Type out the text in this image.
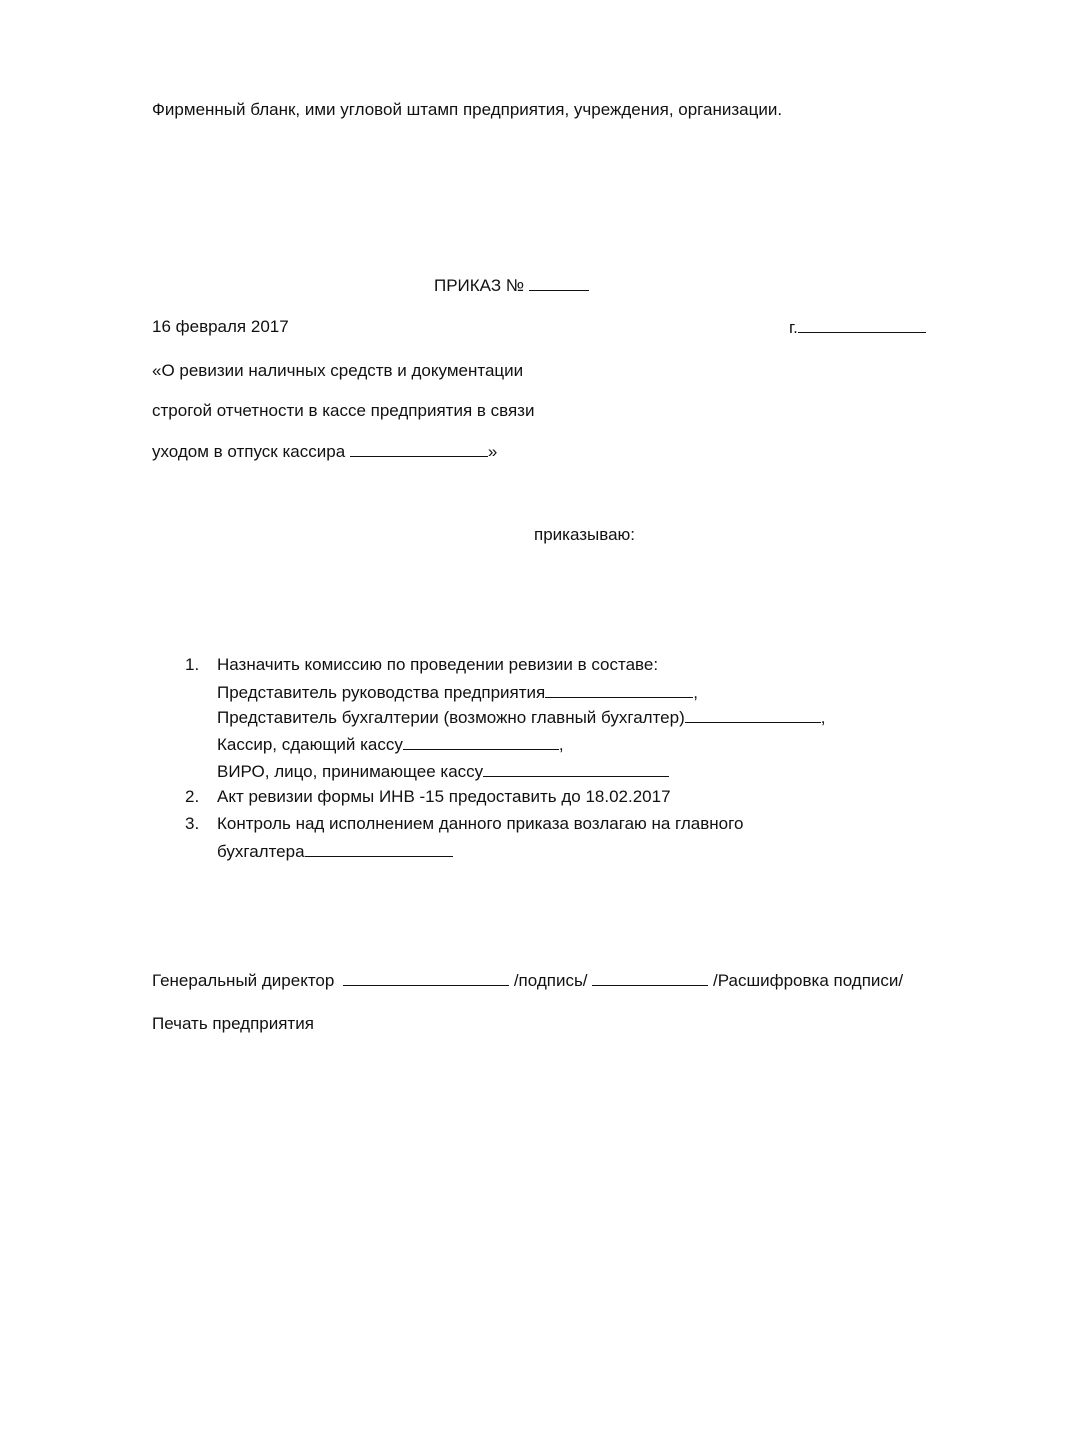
Фирменный бланк, ими угловой штамп предприятия, учреждения, организации.
ПРИКАЗ №
16 февраля 2017	г.
«О ревизии наличных средств и документации
строгой отчетности в кассе предприятия в связи
уходом в отпуск кассира	»
приказываю:
1. Назначить комиссию по проведении ревизии в составе:
Представитель руководства предприятия	,
Представитель бухгалтерии (возможно главный бухгалтер)	,
Кассир, сдающий кассу	,
ВИРО, лицо, принимающее кассу
2. Акт ревизии формы ИНВ -15 предоставить до 18.02.2017
3. Контроль над исполнением данного приказа возлагаю на главного
бухгалтера
Генеральный директор	/подпись/	/Расшифровка подписи/
Печать предприятия
